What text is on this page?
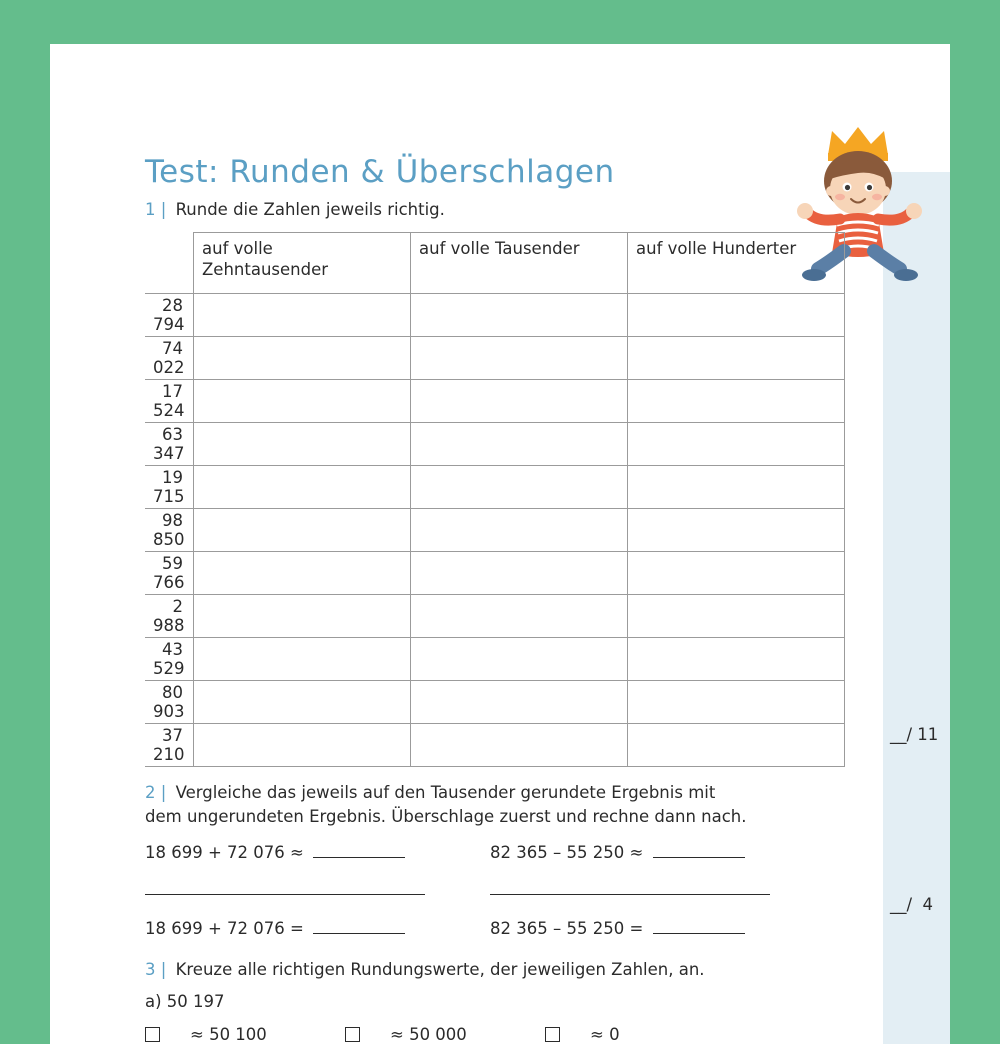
Test: Runden & Überschlagen
1 | Runde die Zahlen jeweils richtig.
	auf volle Zehntausender	auf volle Tausender	auf volle Hunderter
28 794			
74 022			
17 524			
63 347			
19 715			
98 850			
59 766			
2 988			
43 529			
80 903			
37 210			
2 | Vergleiche das jeweils auf den Tausender gerundete Ergebnis mit
dem ungerundeten Ergebnis. Überschlage zuerst und rechne dann nach.
18 699 + 72 076 ≈	82 365 – 55 250 ≈
18 699 + 72 076 =	82 365 – 55 250 =
3 | Kreuze alle richtigen Rundungswerte, der jeweiligen Zahlen, an.
a) 50 197
≈ 50 100	≈ 50 000	≈ 0
__/ 11
__/  4
